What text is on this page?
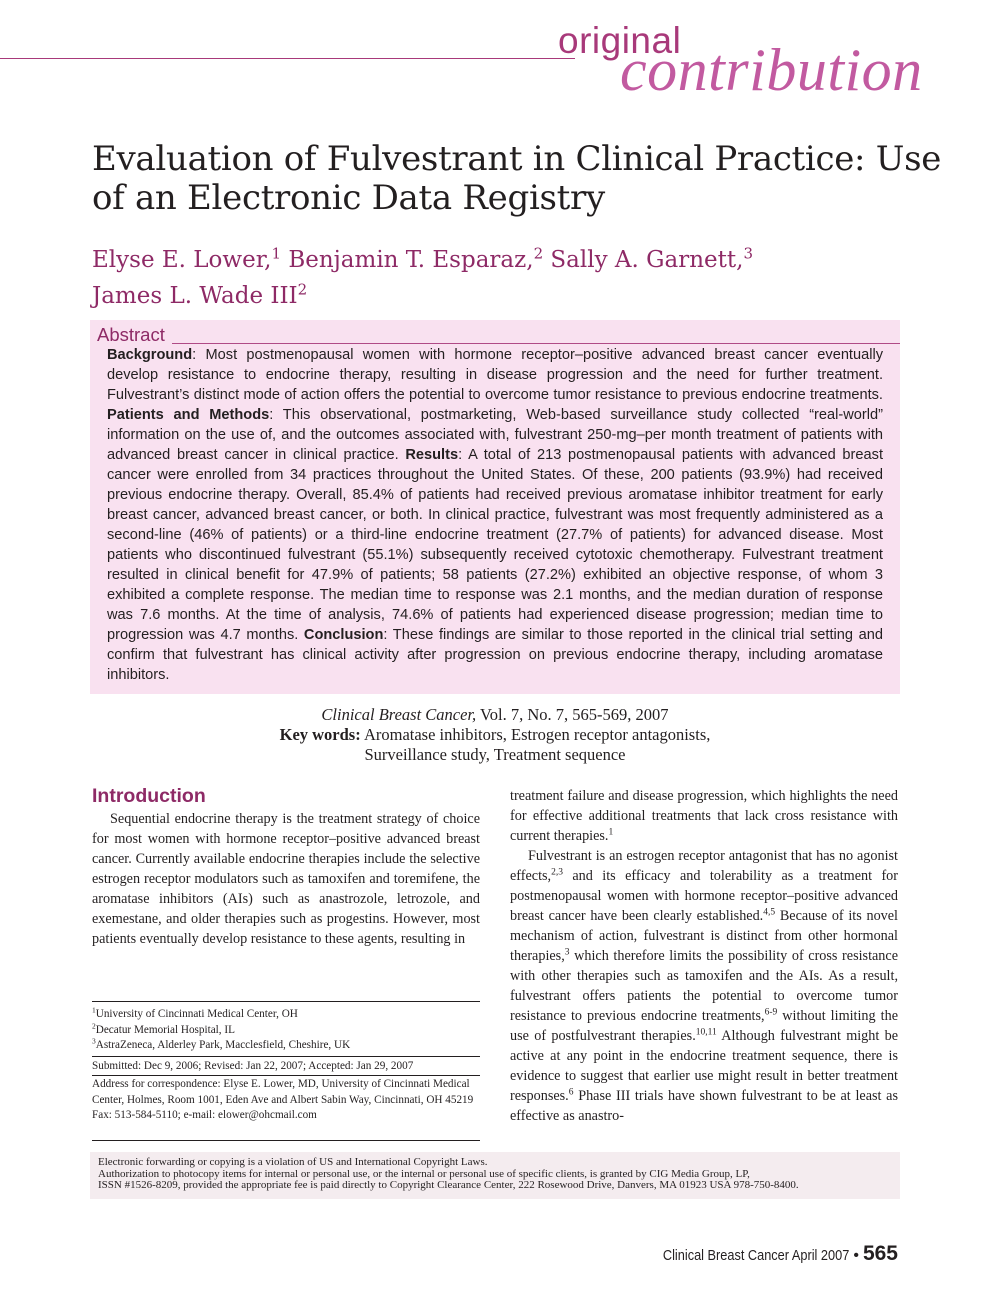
original
contribution
Evaluation of Fulvestrant in Clinical Practice: Use of an Electronic Data Registry
Elyse E. Lower,$^1$ Benjamin T. Esparaz,$^2$ Sally A. Garnett,$^3$
James L. Wade III$^2$
Abstract
Background: Most postmenopausal women with hormone receptor–positive advanced breast cancer eventually develop resistance to endocrine therapy, resulting in disease progression and the need for further treatment. Fulvestrant’s distinct mode of action offers the potential to overcome tumor resistance to previous endocrine treatments. Patients and Methods: This observational, postmarketing, Web-based surveillance study collected “real-world” information on the use of, and the outcomes associated with, fulvestrant 250-mg–per month treatment of patients with advanced breast cancer in clinical practice. Results: A total of 213 postmenopausal patients with advanced breast cancer were enrolled from 34 practices throughout the United States. Of these, 200 patients (93.9%) had received previous endocrine therapy. Overall, 85.4% of patients had received previous aromatase inhibitor treatment for early breast cancer, advanced breast cancer, or both. In clinical practice, fulvestrant was most frequently administered as a second-line (46% of patients) or a third-line endocrine treatment (27.7% of patients) for advanced disease. Most patients who discontinued fulvestrant (55.1%) subsequently received cytotoxic chemotherapy. Fulvestrant treatment resulted in clinical benefit for 47.9% of patients; 58 patients (27.2%) exhibited an objective response, of whom 3 exhibited a complete response. The median time to response was 2.1 months, and the median duration of response was 7.6 months. At the time of analysis, 74.6% of patients had experienced disease progression; median time to progression was 4.7 months. Conclusion: These findings are similar to those reported in the clinical trial setting and confirm that fulvestrant has clinical activity after progression on previous endocrine therapy, including aromatase inhibitors.
Clinical Breast Cancer, Vol. 7, No. 7, 565-569, 2007
Key words: Aromatase inhibitors, Estrogen receptor antagonists,
Surveillance study, Treatment sequence
Introduction

Sequential endocrine therapy is the treatment strategy of choice for most women with hormone receptor–positive advanced breast cancer. Currently available endocrine therapies include the selective estrogen receptor modulators such as tamoxifen and toremifene, the aromatase inhibitors (AIs) such as anastrozole, letrozole, and exemestane, and older therapies such as progestins. However, most patients eventually develop resistance to these agents, resulting in

treatment failure and disease progression, which highlights the need for effective additional treatments that lack cross resistance with current therapies.$^1$

Fulvestrant is an estrogen receptor antagonist that has no agonist effects,$^{2,3}$ and its efficacy and tolerability as a treatment for postmenopausal women with hormone receptor–positive advanced breast cancer have been clearly established.$^{4,5}$ Because of its novel mechanism of action, fulvestrant is distinct from other hormonal therapies,$^3$ which therefore limits the possibility of cross resistance with other therapies such as tamoxifen and the AIs. As a result, fulvestrant offers patients the potential to overcome tumor resistance to previous endocrine treatments,$^{6-9}$ without limiting the use of postfulvestrant therapies.$^{10,11}$ Although fulvestrant might be active at any point in the endocrine treatment sequence, there is evidence to suggest that earlier use might result in better treatment responses.$^6$ Phase III trials have shown fulvestrant to be at least as effective as anastro-

$^1$University of Cincinnati Medical Center, OH
$^2$Decatur Memorial Hospital, IL
$^3$AstraZeneca, Alderley Park, Macclesfield, Cheshire, UK
Submitted: Dec 9, 2006; Revised: Jan 22, 2007; Accepted: Jan 29, 2007
Address for correspondence: Elyse E. Lower, MD, University of Cincinnati Medical Center, Holmes, Room 1001, Eden Ave and Albert Sabin Way, Cincinnati, OH 45219
Fax: 513-584-5110; e-mail: elower@ohcmail.com
Electronic forwarding or copying is a violation of US and International Copyright Laws.
Authorization to photocopy items for internal or personal use, or the internal or personal use of specific clients, is granted by CIG Media Group, LP,
ISSN #1526-8209, provided the appropriate fee is paid directly to Copyright Clearance Center, 222 Rosewood Drive, Danvers, MA 01923 USA 978-750-8400.
Clinical Breast Cancer April 2007 • 565
